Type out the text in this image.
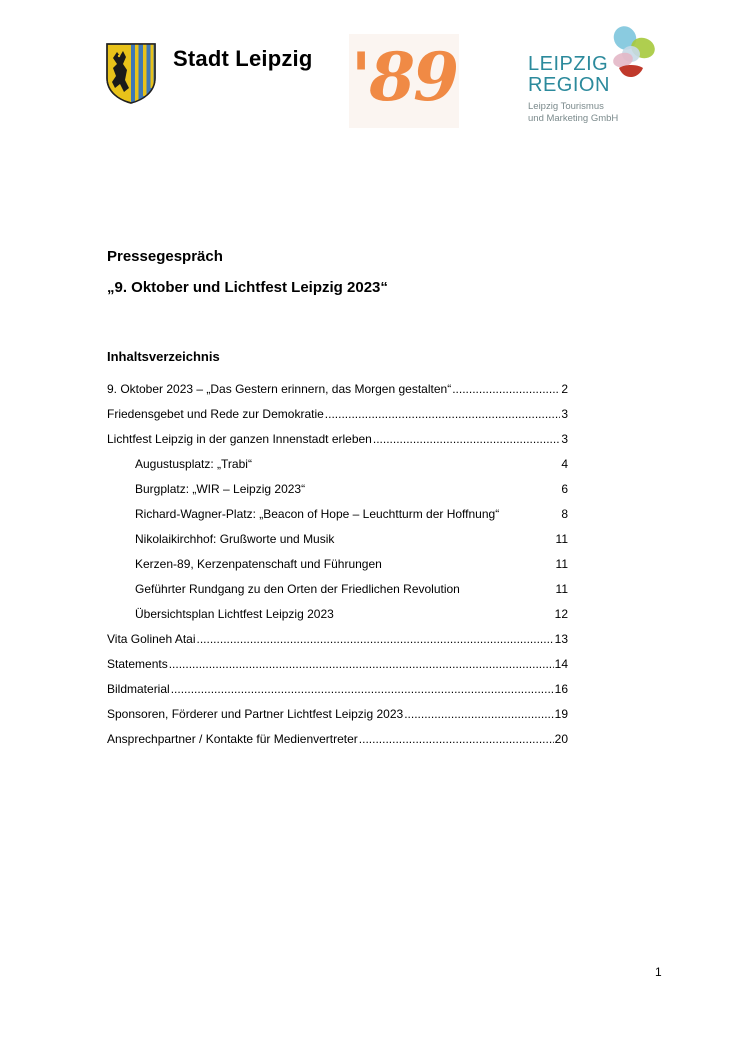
Stadt Leipzig '89	LEIPZIG
REGION
Leipzig Tourismus
und Marketing GmbH
Pressegespräch
„9. Oktober und Lichtfest Leipzig 2023“
Inhaltsverzeichnis
9. Oktober 2023 – „Das Gestern erinnern, das Morgen gestalten“ .....	2
Friedensgebet und Rede zur Demokratie .....	3
Lichtfest Leipzig in der ganzen Innenstadt erleben .....	3
Augustusplatz: „Trabi“	4
Burgplatz: „WIR – Leipzig 2023“	6
Richard-Wagner-Platz: „Beacon of Hope – Leuchtturm der Hoffnung“	8
Nikolaikirchhof: Grußworte und Musik	11
Kerzen-89, Kerzenpatenschaft und Führungen	11
Geführter Rundgang zu den Orten der Friedlichen Revolution	11
Übersichtsplan Lichtfest Leipzig 2023	12
Vita Golineh Atai .....	13
Statements .....	14
Bildmaterial .....	16
Sponsoren, Förderer und Partner Lichtfest Leipzig 2023 .....	19
Ansprechpartner / Kontakte für Medienvertreter .....	20
1
